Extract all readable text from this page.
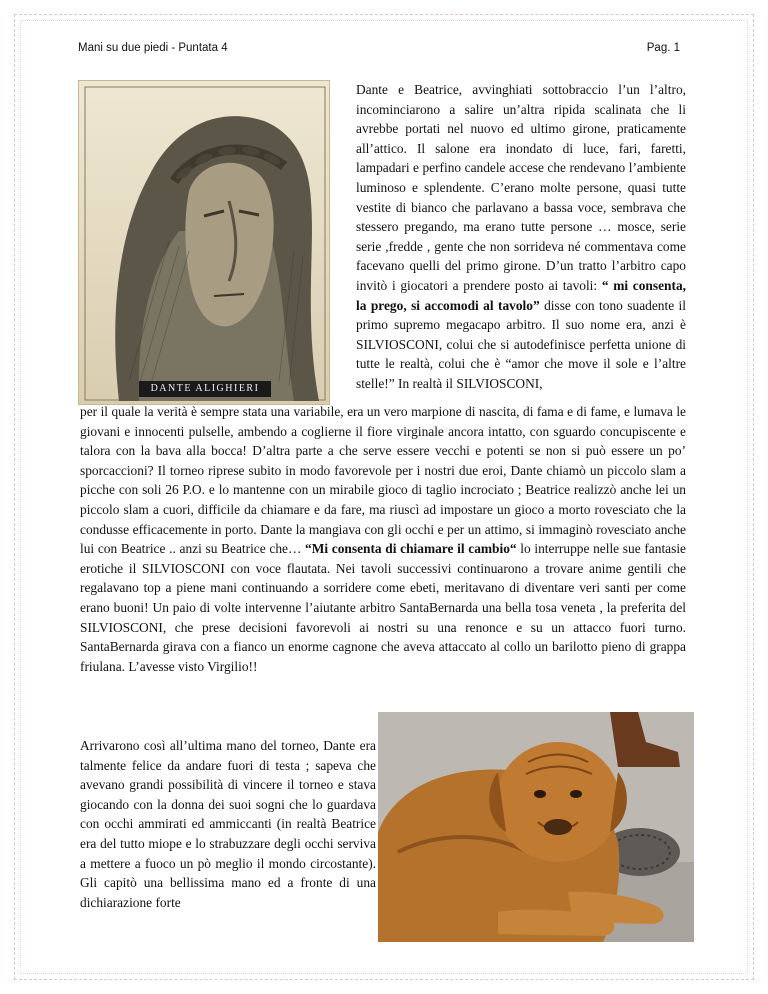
Mani su due piedi - Puntata 4	Pag. 1
DANTE ALIGHIERI

Dante e Beatrice, avvinghiati sottobraccio l’un l’altro, incominciarono a salire un’altra ripida scalinata che li avrebbe portati nel nuovo ed ultimo girone, praticamente all’attico. Il salone era inondato di luce, fari, faretti, lampadari e perfino candele accese che rendevano l’ambiente luminoso e splendente. C’erano molte persone, quasi tutte vestite di bianco che parlavano a bassa voce, sembrava che stessero pregando, ma erano tutte persone … mosce, serie serie ,fredde , gente che non sorrideva né commentava come facevano quelli del primo girone. D’un tratto l’arbitro capo invitò i giocatori a prendere posto ai tavoli: “ mi consenta, la prego, si accomodi al tavolo” disse con tono suadente il primo supremo megacapo arbitro. Il suo nome era, anzi è SILVIOSCONI, colui che si autodefinisce perfetta unione di tutte le realtà, colui che è “amor che move il sole e l’altre stelle!” In realtà il SILVIOSCONI,

per il quale la verità è sempre stata una variabile, era un vero marpione di nascita, di fama e di fame, e lumava le giovani e innocenti pulselle, ambendo a coglierne il fiore virginale ancora intatto, con sguardo concupiscente e talora con la bava alla bocca! D’altra parte a che serve essere vecchi e potenti se non si può essere un po’ sporcaccioni? Il torneo riprese subito in modo favorevole per i nostri due eroi, Dante chiamò un piccolo slam a picche con soli 26 P.O. e lo mantenne con un mirabile gioco di taglio incrociato ; Beatrice realizzò anche lei un piccolo slam a cuori, difficile da chiamare e da fare, ma riuscì ad impostare un gioco a morto rovesciato che la condusse efficacemente in porto. Dante la mangiava con gli occhi e per un attimo, si immaginò rovesciato anche lui con Beatrice .. anzi su Beatrice che… “Mi consenta di chiamare il cambio“ lo interruppe nelle sue fantasie erotiche il SILVIOSCONI con voce flautata. Nei tavoli successivi continuarono a trovare anime gentili che regalavano top a piene mani continuando a sorridere come ebeti, meritavano di diventare veri santi per come erano buoni! Un paio di volte intervenne l’aiutante arbitro SantaBernarda una bella tosa veneta , la preferita del SILVIOSCONI, che prese decisioni favorevoli ai nostri su una renonce e su un attacco fuori turno. SantaBernarda girava con a fianco un enorme cagnone che aveva attaccato al collo un barilotto pieno di grappa friulana. L’avesse visto Virgilio!!

Arrivarono così all’ultima mano del torneo, Dante era talmente felice da andare fuori di testa ; sapeva che avevano grandi possibilità di vincere il torneo e stava giocando con la donna dei suoi sogni che lo guardava con occhi ammirati ed ammiccanti (in realtà Beatrice era del tutto miope e lo strabuzzare degli occhi serviva a mettere a fuoco un pò meglio il mondo circostante). Gli capitò una bellissima mano ed a fronte di una dichiarazione forte
